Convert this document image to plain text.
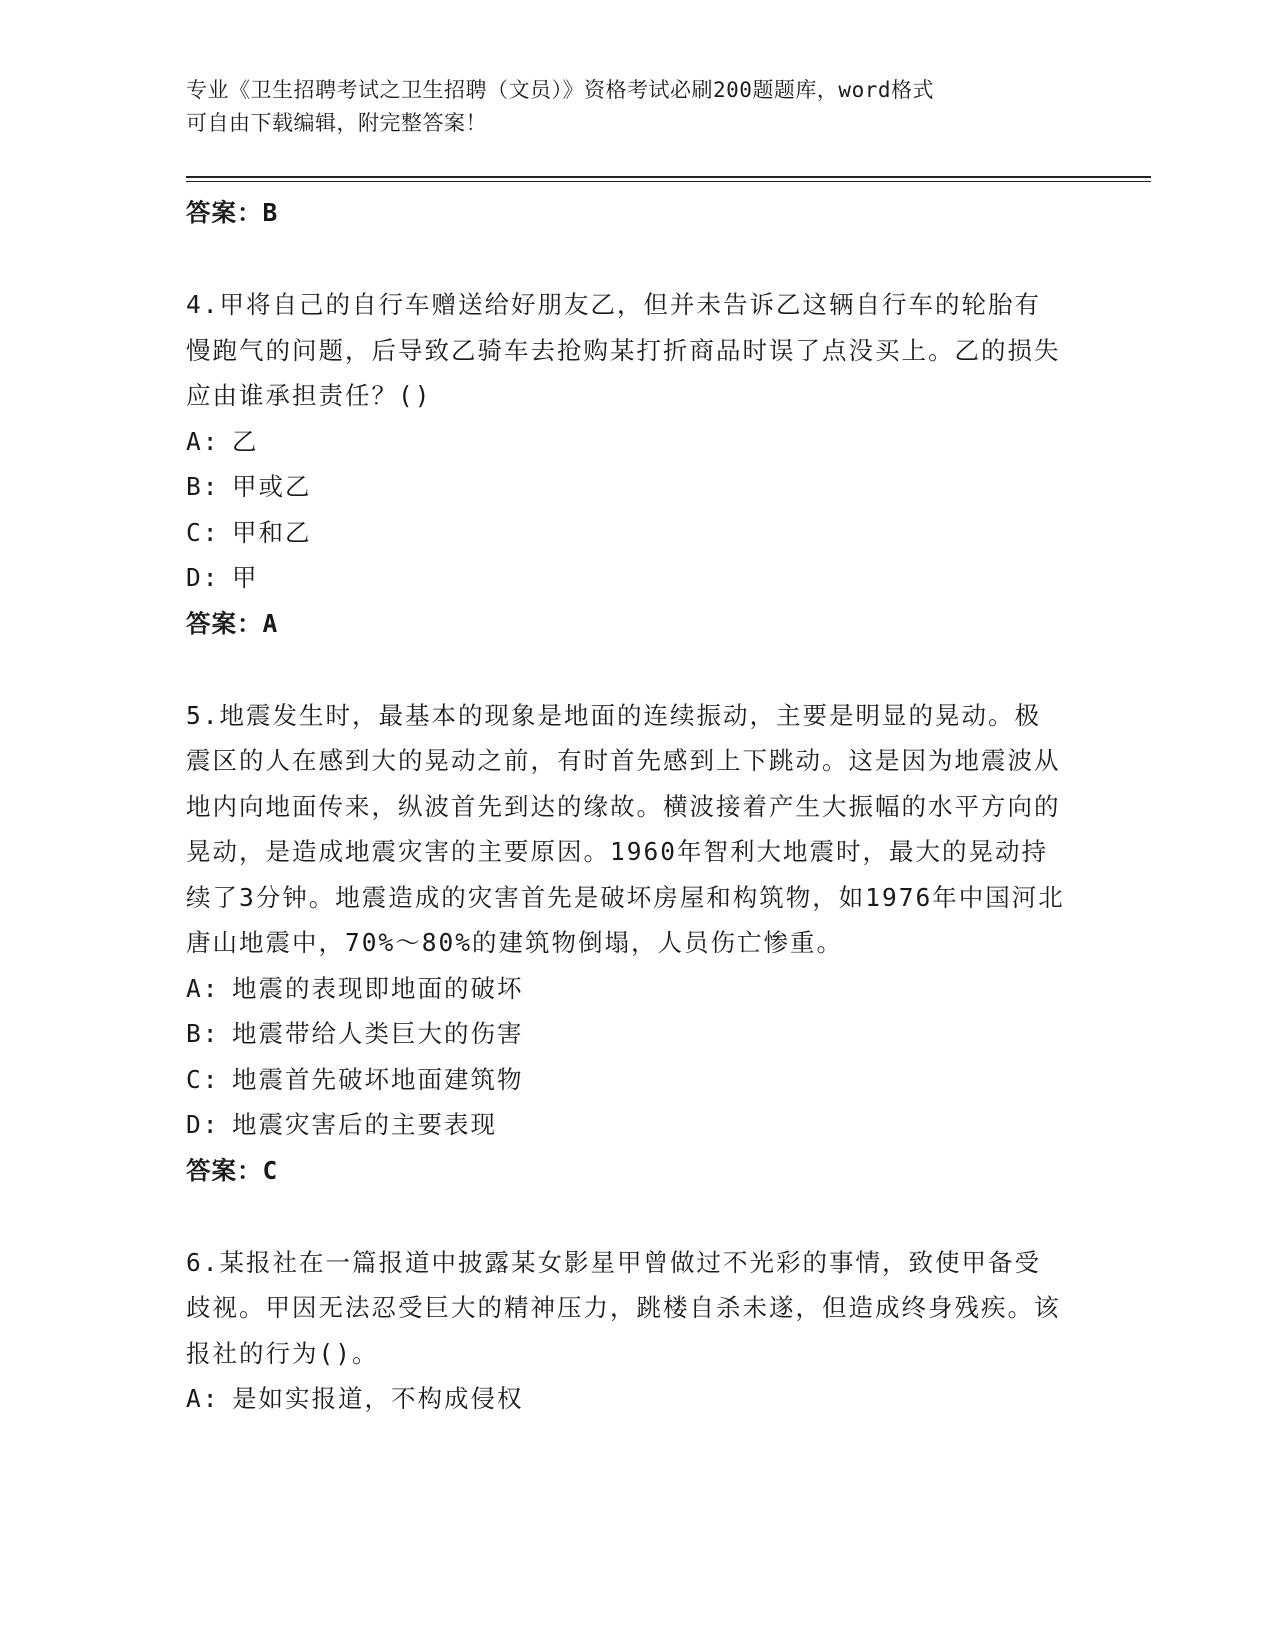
专业《卫生招聘考试之卫生招聘（文员）》资格考试必刷200题题库，word格式
可自由下载编辑，附完整答案！
答案：B
4.甲将自己的自行车赠送给好朋友乙，但并未告诉乙这辆自行车的轮胎有慢跑气的问题，后导致乙骑车去抢购某打折商品时误了点没买上。乙的损失应由谁承担责任？()
A: 乙
B: 甲或乙
C: 甲和乙
D: 甲
答案：A
5.地震发生时，最基本的现象是地面的连续振动，主要是明显的晃动。极震区的人在感到大的晃动之前，有时首先感到上下跳动。这是因为地震波从地内向地面传来，纵波首先到达的缘故。横波接着产生大振幅的水平方向的晃动，是造成地震灾害的主要原因。1960年智利大地震时，最大的晃动持续了3分钟。地震造成的灾害首先是破坏房屋和构筑物，如1976年中国河北唐山地震中，70%～80%的建筑物倒塌，人员伤亡惨重。
A: 地震的表现即地面的破坏
B: 地震带给人类巨大的伤害
C: 地震首先破坏地面建筑物
D: 地震灾害后的主要表现
答案：C
6.某报社在一篇报道中披露某女影星甲曾做过不光彩的事情，致使甲备受歧视。甲因无法忍受巨大的精神压力，跳楼自杀未遂，但造成终身残疾。该报社的行为()。
A: 是如实报道，不构成侵权
